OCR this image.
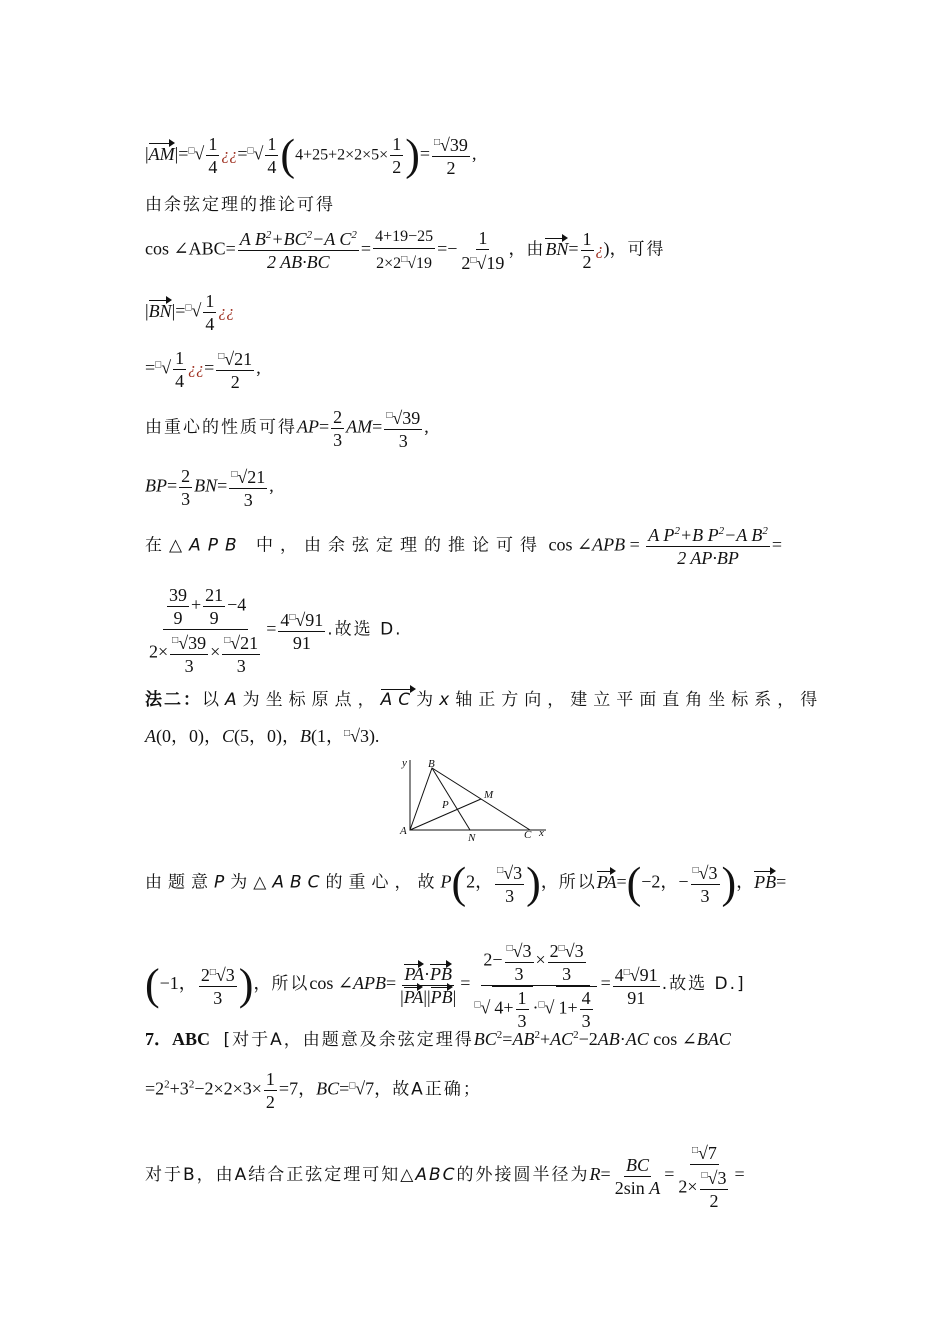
$|AM|=^□√ \frac{1}{4}$ ¿¿$=^□√ \frac{1}{4} (4+25+2\times 2\times 5\times \frac{1}{2}$ )= $\frac{^□√39}{2}$ ,
由余弦定理的推论可得
cos ∠ABC= $\frac{A B^2+BC^2-A C^2}{2 AB\cdot BC} = \frac{4+19-25}{2\times 2^□√19} =- \frac{1}{2^□√19}$ ，由$BN= \frac{1}{2}$ ¿)，可得
$|BN|=^□√ \frac{1}{4}$ ¿¿
$=^□√ \frac{1}{4}$ ¿¿= $\frac{^□√21}{2}$ ,
由重心的性质可得$AP= \frac{2}{3} AM= \frac{^□√39}{3}$ ,
$BP= \frac{2}{3} BN= \frac{^□√21}{3}$ ,
在△APB 中，由余弦定理的推论可得 cos ∠APB = $\frac{A P^2+B P^2-A B^2}{2 AP\cdot BP}$ =
$\frac{\frac{39}{9} + \frac{21}{9} -4}{2\times \frac{^□√39}{3} \times \frac{^□√21}{3}} = \frac{4^□√91}{91}$ .故选 D.
法二：以A为坐标原点，AC为x轴正方向，建立平面直角坐标系，得
A(0，0)，C(5，0)，B(1，□√3).
y B
M
P
A
N	C x
由题意P为△ABC的重心，故P(2， $\frac{^□√3}{3}$ )，所以PA=(−2，− $\frac{^□√3}{3}$ )，PB=
(−1， $\frac{2^□√3}{3}$ )，所以cos ∠APB= $\frac{PA\cdot PB}{|PA||PB|} = \frac{2- \frac{^□√3}{3} \times \frac{2^□√3}{3}}{^□√ 4+ \frac{1}{3} \cdot^□√ 1+ \frac{4}{3}} = \frac{4^□√91}{91}$ .故选 D.]
7．ABC [对于A，由题意及余弦定理得$BC^2=AB^2+AC^2-2AB\cdot AC$ cos ∠BAC
$=2^2+3^2-2\times 2\times 3\times \frac{1}{2} =7$，BC=□√7，故A正确；
对于B，由A结合正弦定理可知△ABC的外接圆半径为$R= \frac{BC}{\text{2sin A}} = \frac{^□√7}{2\times \frac{^□√3}{2}}$ =
